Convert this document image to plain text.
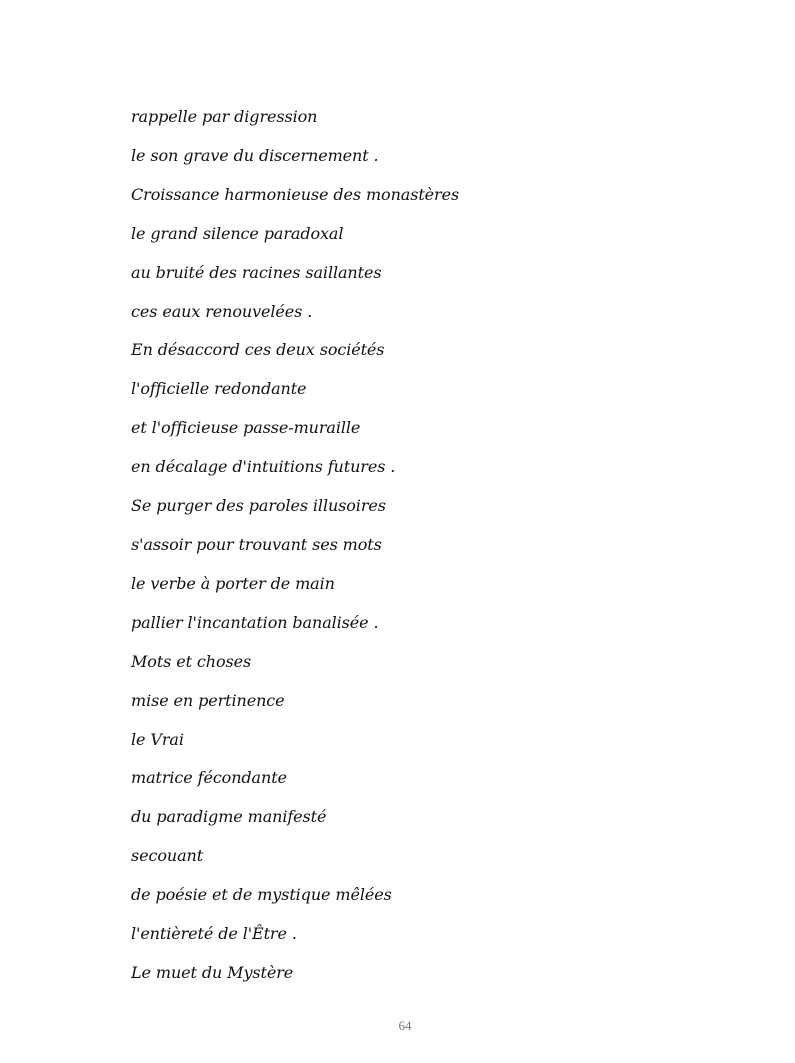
rappelle par digression
le son grave du discernement .
Croissance harmonieuse des monastères
le grand silence paradoxal
au bruité des racines saillantes
ces eaux renouvelées .
En désaccord ces deux sociétés
l'officielle redondante
et l'officieuse passe-muraille
en décalage d'intuitions futures .
Se purger des paroles illusoires
s'assoir pour trouvant ses mots
le verbe à porter de main
pallier l'incantation banalisée .
Mots et choses
mise en pertinence
le Vrai
matrice fécondante
du paradigme manifesté
secouant
de poésie et de mystique mêlées
l'entièreté de l'Être .
Le muet du Mystère
64
